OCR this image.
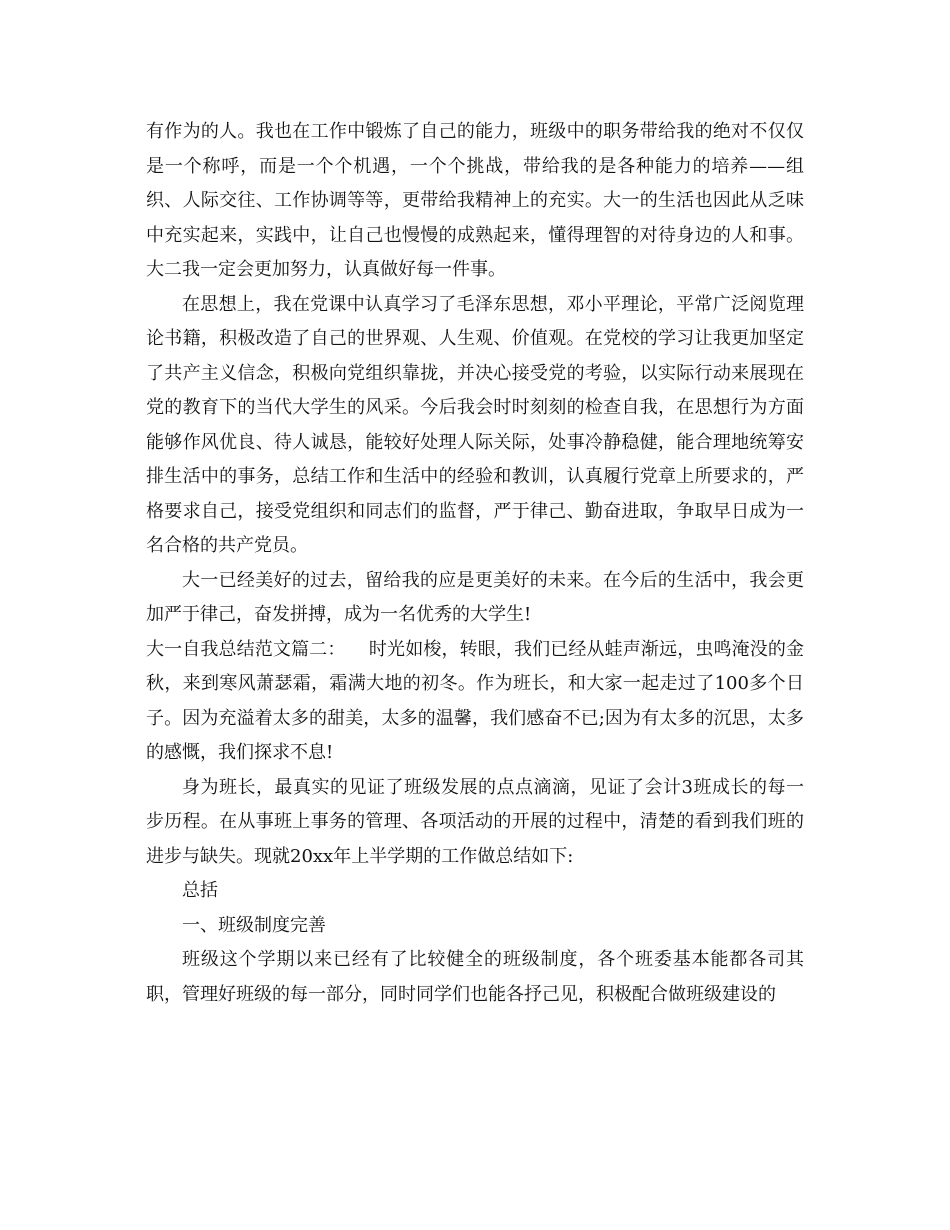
有作为的人。我也在工作中锻炼了自己的能力，班级中的职务带给我的绝对不仅仅是一个称呼，而是一个个机遇，一个个挑战，带给我的是各种能力的培养——组织、人际交往、工作协调等等，更带给我精神上的充实。大一的生活也因此从乏味中充实起来，实践中，让自己也慢慢的成熟起来，懂得理智的对待身边的人和事。大二我一定会更加努力，认真做好每一件事。

在思想上，我在党课中认真学习了毛泽东思想，邓小平理论，平常广泛阅览理论书籍，积极改造了自己的世界观、人生观、价值观。在党校的学习让我更加坚定了共产主义信念，积极向党组织靠拢，并决心接受党的考验，以实际行动来展现在党的教育下的当代大学生的风采。今后我会时时刻刻的检查自我，在思想行为方面能够作风优良、待人诚恳，能较好处理人际关际，处事冷静稳健，能合理地统筹安排生活中的事务，总结工作和生活中的经验和教训，认真履行党章上所要求的，严格要求自己，接受党组织和同志们的监督，严于律己、勤奋进取，争取早日成为一名合格的共产党员。

大一已经美好的过去，留给我的应是更美好的未来。在今后的生活中，我会更加严于律己，奋发拼搏，成为一名优秀的大学生!

大一自我总结范文篇二： 时光如梭，转眼，我们已经从蛙声渐远，虫鸣淹没的金秋，来到寒风萧瑟霜，霜满大地的初冬。作为班长，和大家一起走过了100多个日子。因为充溢着太多的甜美，太多的温馨，我们感奋不已;因为有太多的沉思，太多的感慨，我们探求不息!

身为班长，最真实的见证了班级发展的点点滴滴，见证了会计3班成长的每一步历程。在从事班上事务的管理、各项活动的开展的过程中，清楚的看到我们班的进步与缺失。现就20xx年上半学期的工作做总结如下:

总括

一、班级制度完善

班级这个学期以来已经有了比较健全的班级制度，各个班委基本能都各司其职，管理好班级的每一部分，同时同学们也能各抒己见，积极配合做班级建设的
